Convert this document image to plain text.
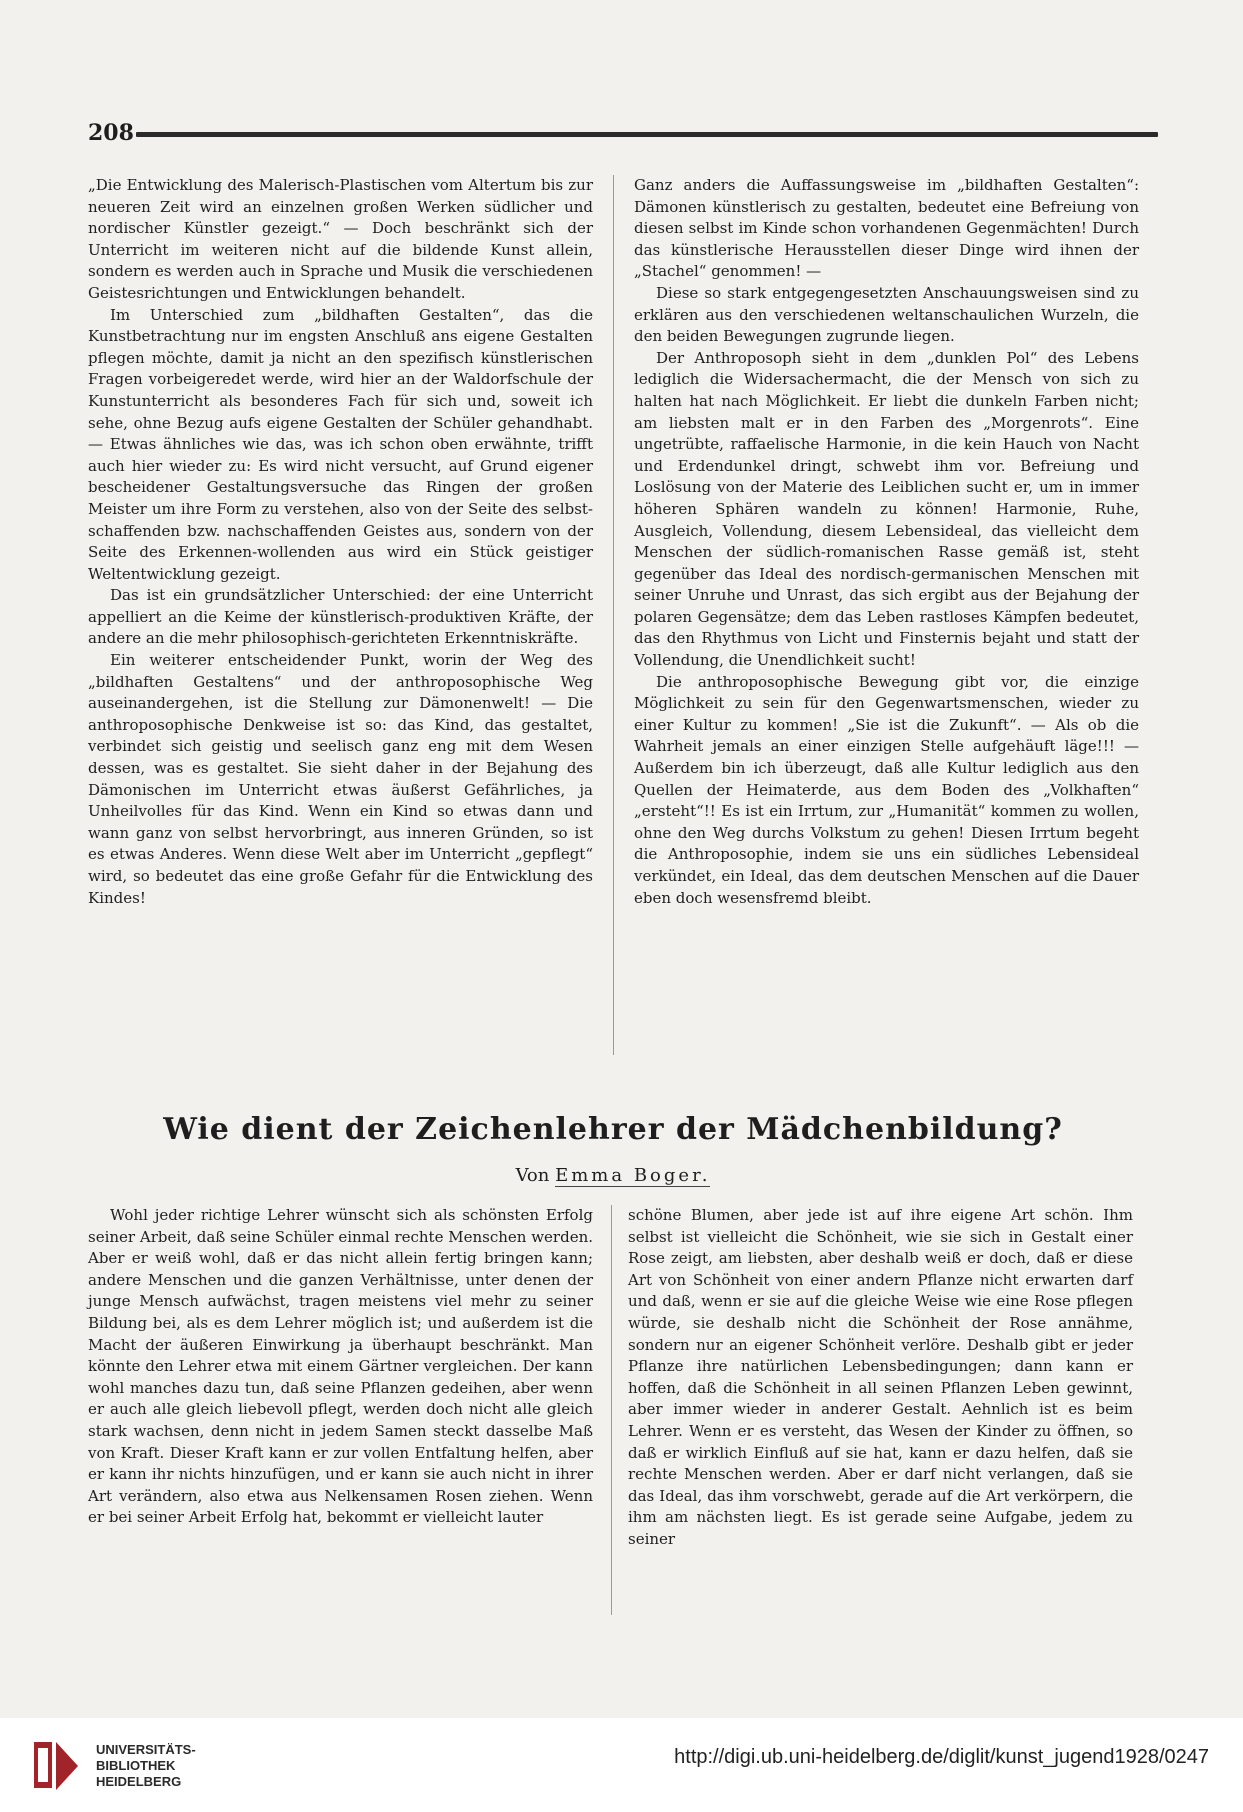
208

„Die Entwicklung des Malerisch-Plastischen vom Altertum bis zur neueren Zeit wird an einzelnen großen Werken südlicher und nordischer Künstler gezeigt.“ — Doch beschränkt sich der Unterricht im weiteren nicht auf die bildende Kunst allein, sondern es werden auch in Sprache und Musik die verschiedenen Geistesrichtungen und Entwicklungen behandelt.

Im Unterschied zum „bildhaften Gestalten“, das die Kunstbetrachtung nur im engsten Anschluß ans eigene Gestalten pflegen möchte, damit ja nicht an den spezifisch künstlerischen Fragen vorbeigeredet werde, wird hier an der Waldorfschule der Kunstunterricht als besonderes Fach für sich und, soweit ich sehe, ohne Bezug aufs eigene Gestalten der Schüler gehandhabt. — Etwas ähnliches wie das, was ich schon oben erwähnte, trifft auch hier wieder zu: Es wird nicht versucht, auf Grund eigener bescheidener Gestaltungsversuche das Ringen der großen Meister um ihre Form zu verstehen, also von der Seite des selbst-schaffenden bzw. nachschaffenden Geistes aus, sondern von der Seite des Erkennen-wollenden aus wird ein Stück geistiger Weltentwicklung gezeigt.

Das ist ein grundsätzlicher Unterschied: der eine Unterricht appelliert an die Keime der künstlerisch-produktiven Kräfte, der andere an die mehr philosophisch-gerichteten Erkenntniskräfte.

Ein weiterer entscheidender Punkt, worin der Weg des „bildhaften Gestaltens“ und der anthroposophische Weg auseinandergehen, ist die Stellung zur Dämonenwelt! — Die anthroposophische Denkweise ist so: das Kind, das gestaltet, verbindet sich geistig und seelisch ganz eng mit dem Wesen dessen, was es gestaltet. Sie sieht daher in der Bejahung des Dämonischen im Unterricht etwas äußerst Gefährliches, ja Unheilvolles für das Kind. Wenn ein Kind so etwas dann und wann ganz von selbst hervorbringt, aus inneren Gründen, so ist es etwas Anderes. Wenn diese Welt aber im Unterricht „gepflegt“ wird, so bedeutet das eine große Gefahr für die Entwicklung des Kindes!

Ganz anders die Auffassungsweise im „bildhaften Gestalten“: Dämonen künstlerisch zu gestalten, bedeutet eine Befreiung von diesen selbst im Kinde schon vorhandenen Gegenmächten! Durch das künstlerische Herausstellen dieser Dinge wird ihnen der „Stachel“ genommen! —

Diese so stark entgegengesetzten Anschauungsweisen sind zu erklären aus den verschiedenen weltanschaulichen Wurzeln, die den beiden Bewegungen zugrunde liegen.

Der Anthroposoph sieht in dem „dunklen Pol“ des Lebens lediglich die Widersachermacht, die der Mensch von sich zu halten hat nach Möglichkeit. Er liebt die dunkeln Farben nicht; am liebsten malt er in den Farben des „Morgenrots“. Eine ungetrübte, raffaelische Harmonie, in die kein Hauch von Nacht und Erdendunkel dringt, schwebt ihm vor. Befreiung und Loslösung von der Materie des Leiblichen sucht er, um in immer höheren Sphären wandeln zu können! Harmonie, Ruhe, Ausgleich, Vollendung, diesem Lebensideal, das vielleicht dem Menschen der südlich-romanischen Rasse gemäß ist, steht gegenüber das Ideal des nordisch-germanischen Menschen mit seiner Unruhe und Unrast, das sich ergibt aus der Bejahung der polaren Gegensätze; dem das Leben rastloses Kämpfen bedeutet, das den Rhythmus von Licht und Finsternis bejaht und statt der Vollendung, die Unendlichkeit sucht!

Die anthroposophische Bewegung gibt vor, die einzige Möglichkeit zu sein für den Gegenwartsmenschen, wieder zu einer Kultur zu kommen! „Sie ist die Zukunft“. — Als ob die Wahrheit jemals an einer einzigen Stelle aufgehäuft läge!!! — Außerdem bin ich überzeugt, daß alle Kultur lediglich aus den Quellen der Heimaterde, aus dem Boden des „Volkhaften“ „ersteht“!! Es ist ein Irrtum, zur „Humanität“ kommen zu wollen, ohne den Weg durchs Volkstum zu gehen! Diesen Irrtum begeht die Anthroposophie, indem sie uns ein südliches Lebensideal verkündet, ein Ideal, das dem deutschen Menschen auf die Dauer eben doch wesensfremd bleibt.

Wie dient der Zeichenlehrer der Mädchenbildung?
Von Emma Boger.

Wohl jeder richtige Lehrer wünscht sich als schönsten Erfolg seiner Arbeit, daß seine Schüler einmal rechte Menschen werden. Aber er weiß wohl, daß er das nicht allein fertig bringen kann; andere Menschen und die ganzen Verhältnisse, unter denen der junge Mensch aufwächst, tragen meistens viel mehr zu seiner Bildung bei, als es dem Lehrer möglich ist; und außerdem ist die Macht der äußeren Einwirkung ja überhaupt beschränkt. Man könnte den Lehrer etwa mit einem Gärtner vergleichen. Der kann wohl manches dazu tun, daß seine Pflanzen gedeihen, aber wenn er auch alle gleich liebevoll pflegt, werden doch nicht alle gleich stark wachsen, denn nicht in jedem Samen steckt dasselbe Maß von Kraft. Dieser Kraft kann er zur vollen Entfaltung helfen, aber er kann ihr nichts hinzufügen, und er kann sie auch nicht in ihrer Art verändern, also etwa aus Nelkensamen Rosen ziehen. Wenn er bei seiner Arbeit Erfolg hat, bekommt er vielleicht lauter

schöne Blumen, aber jede ist auf ihre eigene Art schön. Ihm selbst ist vielleicht die Schönheit, wie sie sich in Gestalt einer Rose zeigt, am liebsten, aber deshalb weiß er doch, daß er diese Art von Schönheit von einer andern Pflanze nicht erwarten darf und daß, wenn er sie auf die gleiche Weise wie eine Rose pflegen würde, sie deshalb nicht die Schönheit der Rose annähme, sondern nur an eigener Schönheit verlöre. Deshalb gibt er jeder Pflanze ihre natürlichen Lebensbedingungen; dann kann er hoffen, daß die Schönheit in all seinen Pflanzen Leben gewinnt, aber immer wieder in anderer Gestalt. Aehnlich ist es beim Lehrer. Wenn er es versteht, das Wesen der Kinder zu öffnen, so daß er wirklich Einfluß auf sie hat, kann er dazu helfen, daß sie rechte Menschen werden. Aber er darf nicht verlangen, daß sie das Ideal, das ihm vorschwebt, gerade auf die Art verkörpern, die ihm am nächsten liegt. Es ist gerade seine Aufgabe, jedem zu seiner

UNIVERSITÄTS-
BIBLIOTHEK
HEIDELBERG
http://digi.ub.uni-heidelberg.de/diglit/kunst_jugend1928/0247
